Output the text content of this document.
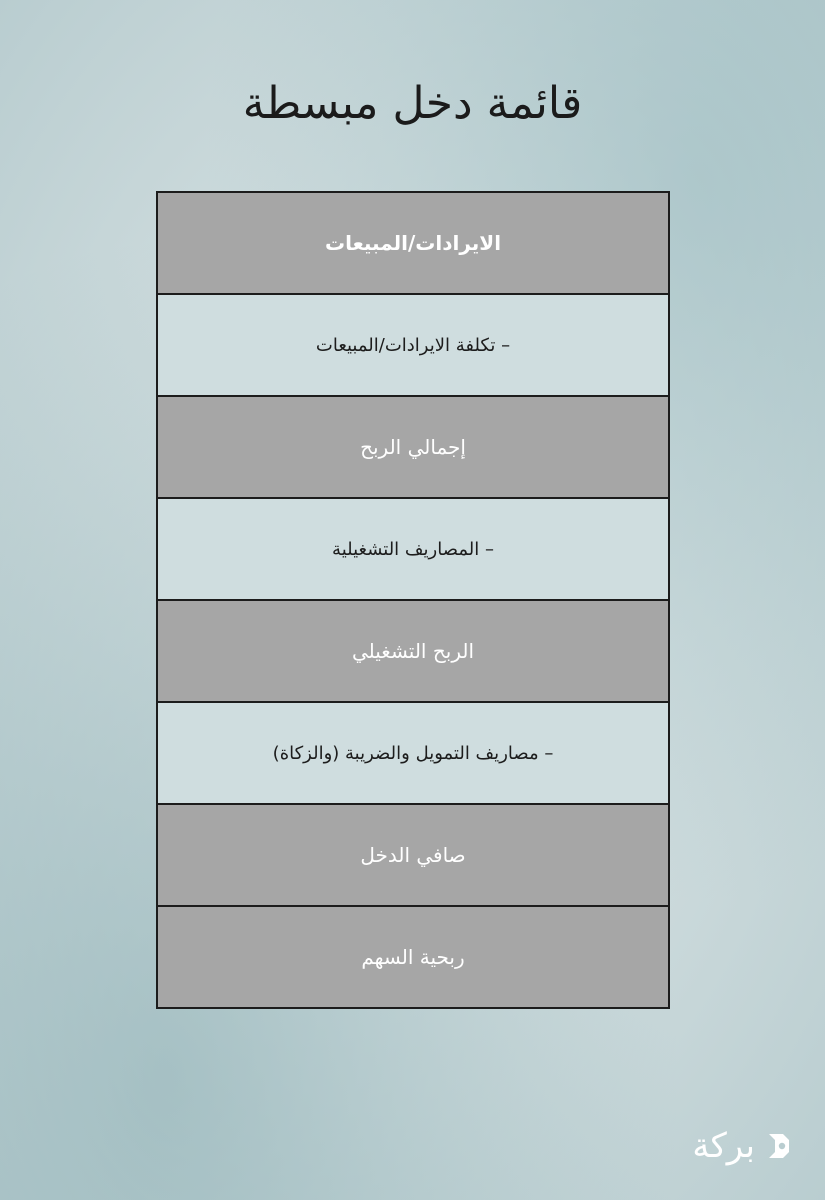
قائمة دخل مبسطة
الايرادات/المبيعات
– تكلفة الايرادات/المبيعات
إجمالي الربح
– المصاريف التشغيلية
الربح التشغيلي
– مصاريف التمويل والضريبة (والزكاة)
صافي الدخل
ربحية السهم
بركة
